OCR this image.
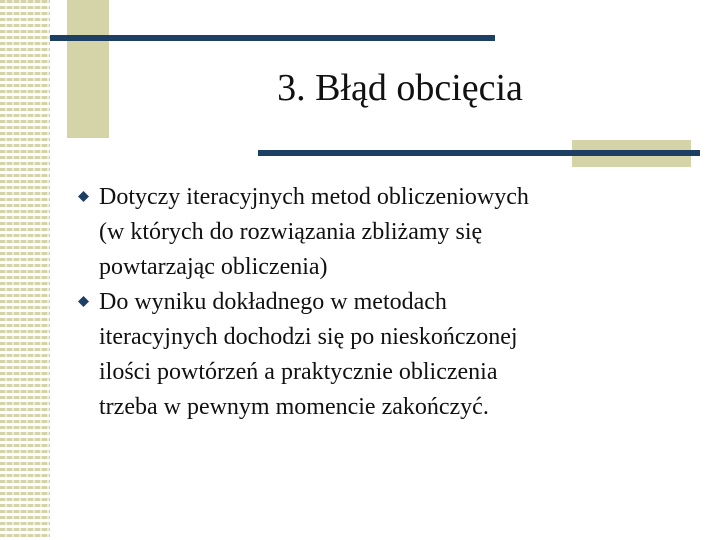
3. Błąd obcięcia
Dotyczy iteracyjnych metod obliczeniowych
(w których do rozwiązania zbliżamy się
powtarzając obliczenia)
Do wyniku dokładnego w metodach
iteracyjnych dochodzi się po nieskończonej
ilości powtórzeń a praktycznie obliczenia
trzeba w pewnym momencie zakończyć.
